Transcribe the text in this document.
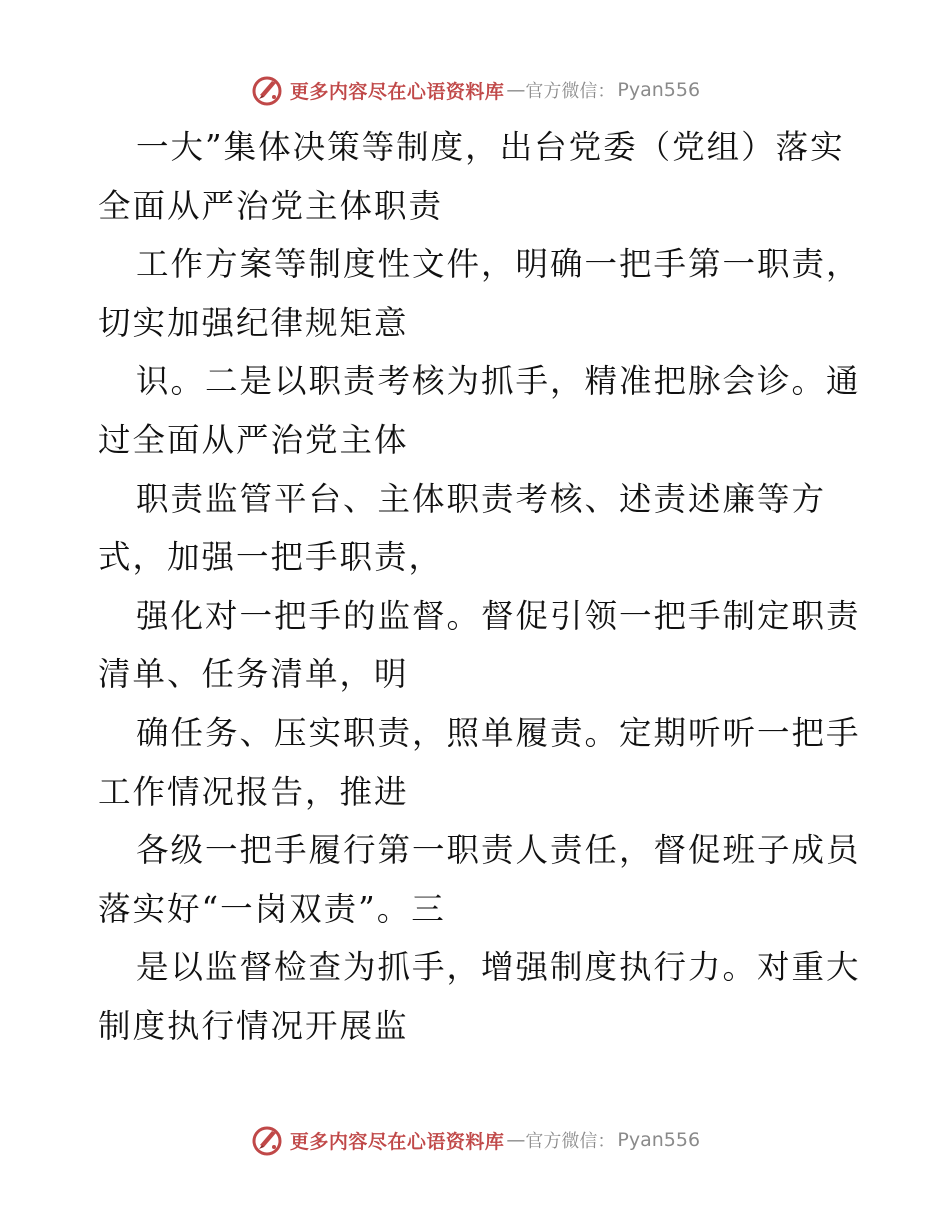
更多内容尽在心语资料库 — 官方微信： Pyan556
一大”集体决策等制度，出台党委（党组）落实
全面从严治党主体职责
工作方案等制度性文件，明确一把手第一职责，
切实加强纪律规矩意
识。二是以职责考核为抓手，精准把脉会诊。通
过全面从严治党主体
职责监管平台、主体职责考核、述责述廉等方
式，加强一把手职责，
强化对一把手的监督。督促引领一把手制定职责
清单、任务清单，明
确任务、压实职责，照单履责。定期听听一把手
工作情况报告，推进
各级一把手履行第一职责人责任，督促班子成员
落实好“一岗双责”。三
是以监督检查为抓手，增强制度执行力。对重大
制度执行情况开展监
更多内容尽在心语资料库 — 官方微信： Pyan556
